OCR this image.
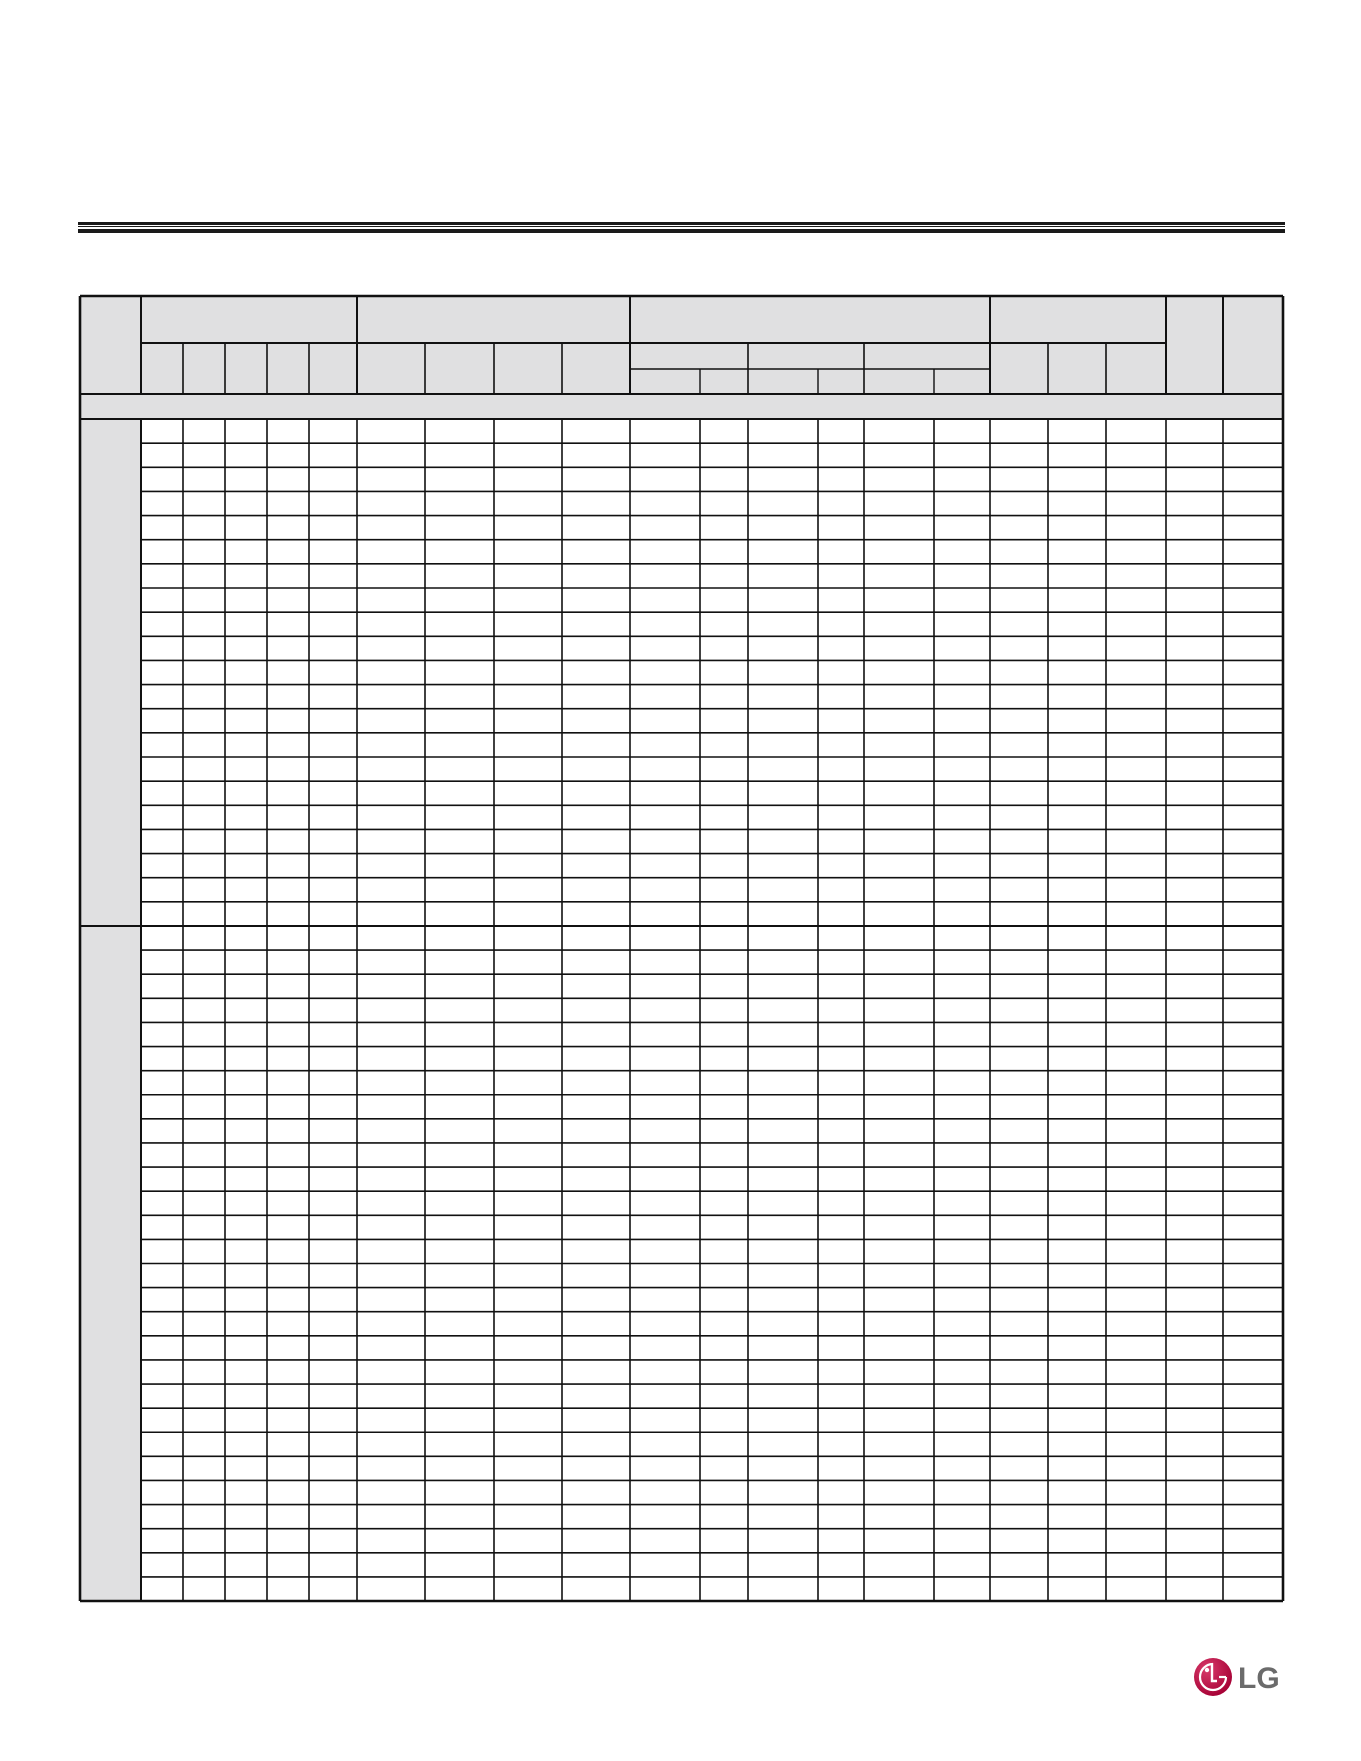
LG
